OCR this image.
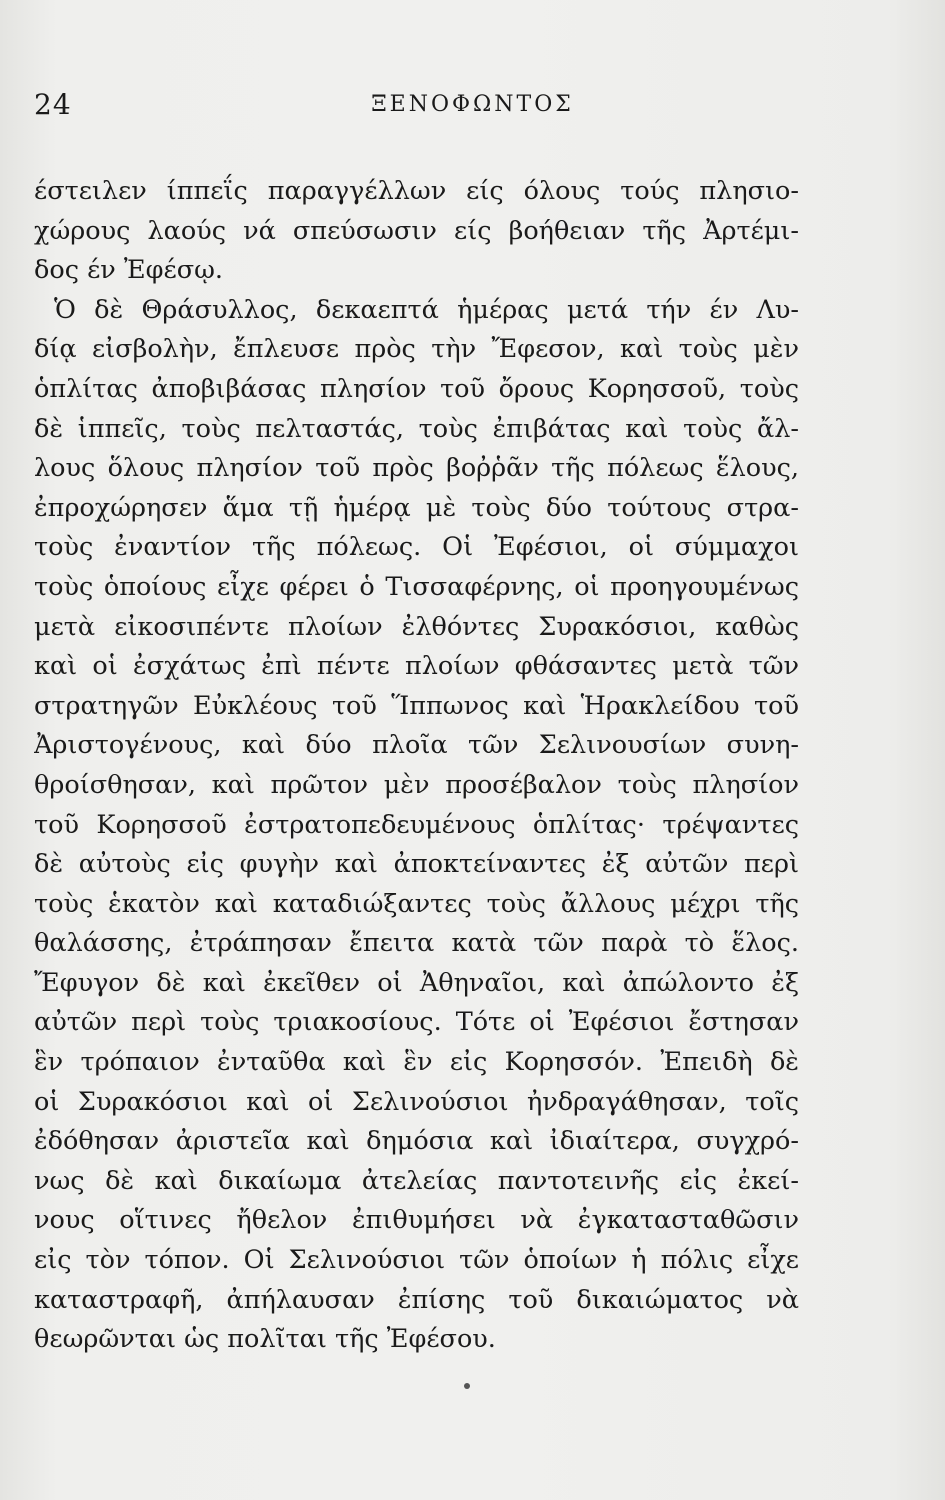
24	ΞΕΝΟΦΩΝΤΟΣ
έστειλεν ίππεΐς παραγγέλλων είς όλους τούς πλησιο-
χώρους λαούς νά σπεύσωσιν είς βοήθειαν τῆς Ἀρτέμι-
δος έν Ἐφέσῳ.
Ὁ δὲ Θράσυλλος, δεκαεπτά ἡμέρας μετά τήν έν Λυ-
δίᾳ εἰσβολὴν, ἔπλευσε πρὸς τὴν Ἔφεσον, καὶ τοὺς μὲν
ὁπλίτας ἀποβιβάσας πλησίον τοῦ ὄρους Κορησσοῦ, τοὺς
δὲ ἱππεῖς, τοὺς πελταστάς, τοὺς ἐπιβάτας καὶ τοὺς ἄλ-
λους ὅλους πλησίον τοῦ πρὸς βοῤῥᾶν τῆς πόλεως ἕλους,
ἐπροχώρησεν ἅμα τῇ ἡμέρᾳ μὲ τοὺς δύο τούτους στρα-
τοὺς ἐναντίον τῆς πόλεως. Οἱ Ἐφέσιοι, οἱ σύμμαχοι
τοὺς ὁποίους εἶχε φέρει ὁ Τισσαφέρνης, οἱ προηγουμένως
μετὰ εἰκοσιπέντε πλοίων ἐλθόντες Συρακόσιοι, καθὼς
καὶ οἱ ἐσχάτως ἐπὶ πέντε πλοίων φθάσαντες μετὰ τῶν
στρατηγῶν Εὐκλέους τοῦ Ἵππωνος καὶ Ἡρακλείδου τοῦ
Ἀριστογένους, καὶ δύο πλοῖα τῶν Σελινουσίων συνη-
θροίσθησαν, καὶ πρῶτον μὲν προσέβαλον τοὺς πλησίον
τοῦ Κορησσοῦ ἐστρατοπεδευμένους ὁπλίτας· τρέψαντες
δὲ αὐτοὺς εἰς φυγὴν καὶ ἀποκτείναντες ἐξ αὐτῶν περὶ
τοὺς ἑκατὸν καὶ καταδιώξαντες τοὺς ἄλλους μέχρι τῆς
θαλάσσης, ἐτράπησαν ἔπειτα κατὰ τῶν παρὰ τὸ ἕλος.
Ἔφυγον δὲ καὶ ἐκεῖθεν οἱ Ἀθηναῖοι, καὶ ἀπώλοντο ἐξ
αὐτῶν περὶ τοὺς τριακοσίους. Τότε οἱ Ἐφέσιοι ἔστησαν
ἓν τρόπαιον ἐνταῦθα καὶ ἓν εἰς Κορησσόν. Ἐπειδὴ δὲ
οἱ Συρακόσιοι καὶ οἱ Σελινούσιοι ἠνδραγάθησαν, τοῖς
ἐδόθησαν ἀριστεῖα καὶ δημόσια καὶ ἰδιαίτερα, συγχρό-
νως δὲ καὶ δικαίωμα ἀτελείας παντοτεινῆς εἰς ἐκεί-
νους οἵτινες ἤθελον ἐπιθυμήσει νὰ ἐγκατασταθῶσιν
εἰς τὸν τόπον. Οἱ Σελινούσιοι τῶν ὁποίων ἡ πόλις εἶχε
καταστραφῆ, ἀπήλαυσαν ἐπίσης τοῦ δικαιώματος νὰ
θεωρῶνται ὡς πολῖται τῆς Ἐφέσου.
